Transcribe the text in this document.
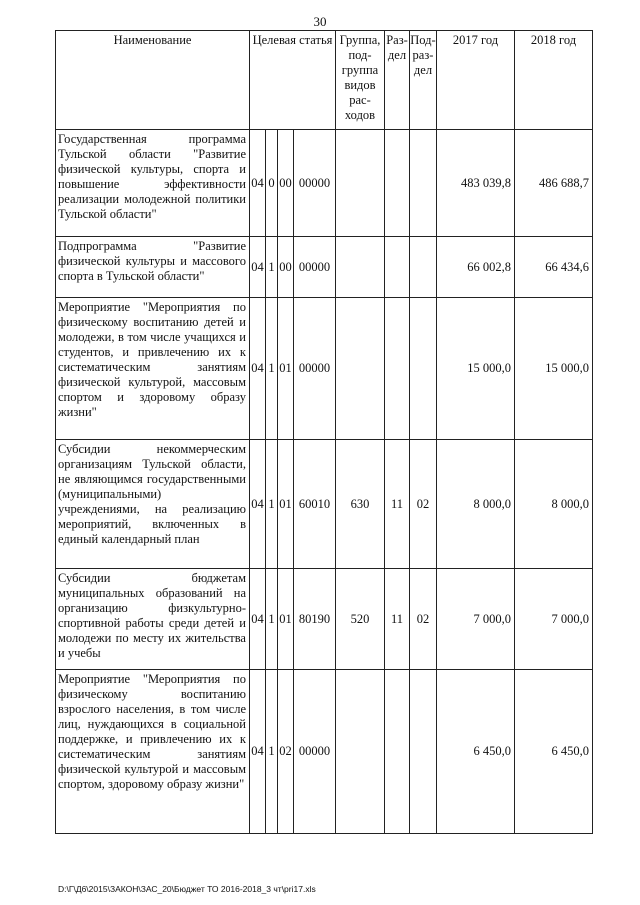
30
Наименование	Целевая статья				Группа, под-группа видов рас-ходов	Раз-дел	Под-раз-дел	2017 год	2018 год
Государственная программа Тульской области "Развитие физической культуры, спорта и повышение эффективности реализации молодежной политики Тульской области"	04	0	00	00000				483 039,8	486 688,7
Подпрограмма "Развитие физической культуры и массового спорта в Тульской области"	04	1	00	00000				66 002,8	66 434,6
Мероприятие "Мероприятия по физическому воспитанию детей и молодежи, в том числе учащихся и студентов, и привлечению их к систематическим занятиям физической культурой, массовым спортом и здоровому образу жизни"	04	1	01	00000				15 000,0	15 000,0
Субсидии некоммерческим организациям Тульской области, не являющимся государственными (муниципальными) учреждениями, на реализацию мероприятий, включенных в единый календарный план	04	1	01	60010	630	11	02	8 000,0	8 000,0
Субсидии бюджетам муниципальных образований на организацию физкультурно-спортивной работы среди детей и молодежи по месту их жительства и учебы	04	1	01	80190	520	11	02	7 000,0	7 000,0
Мероприятие "Мероприятия по физическому воспитанию взрослого населения, в том числе лиц, нуждающихся в социальной поддержке, и привлечению их к систематическим занятиям физической культурой и массовым спортом, здоровому образу жизни"	04	1	02	00000				6 450,0	6 450,0
D:\Г\Д6\2015\ЗАКОН\ЗАС_20\Бюджет ТО 2016-2018_3 чт\pri17.xls
